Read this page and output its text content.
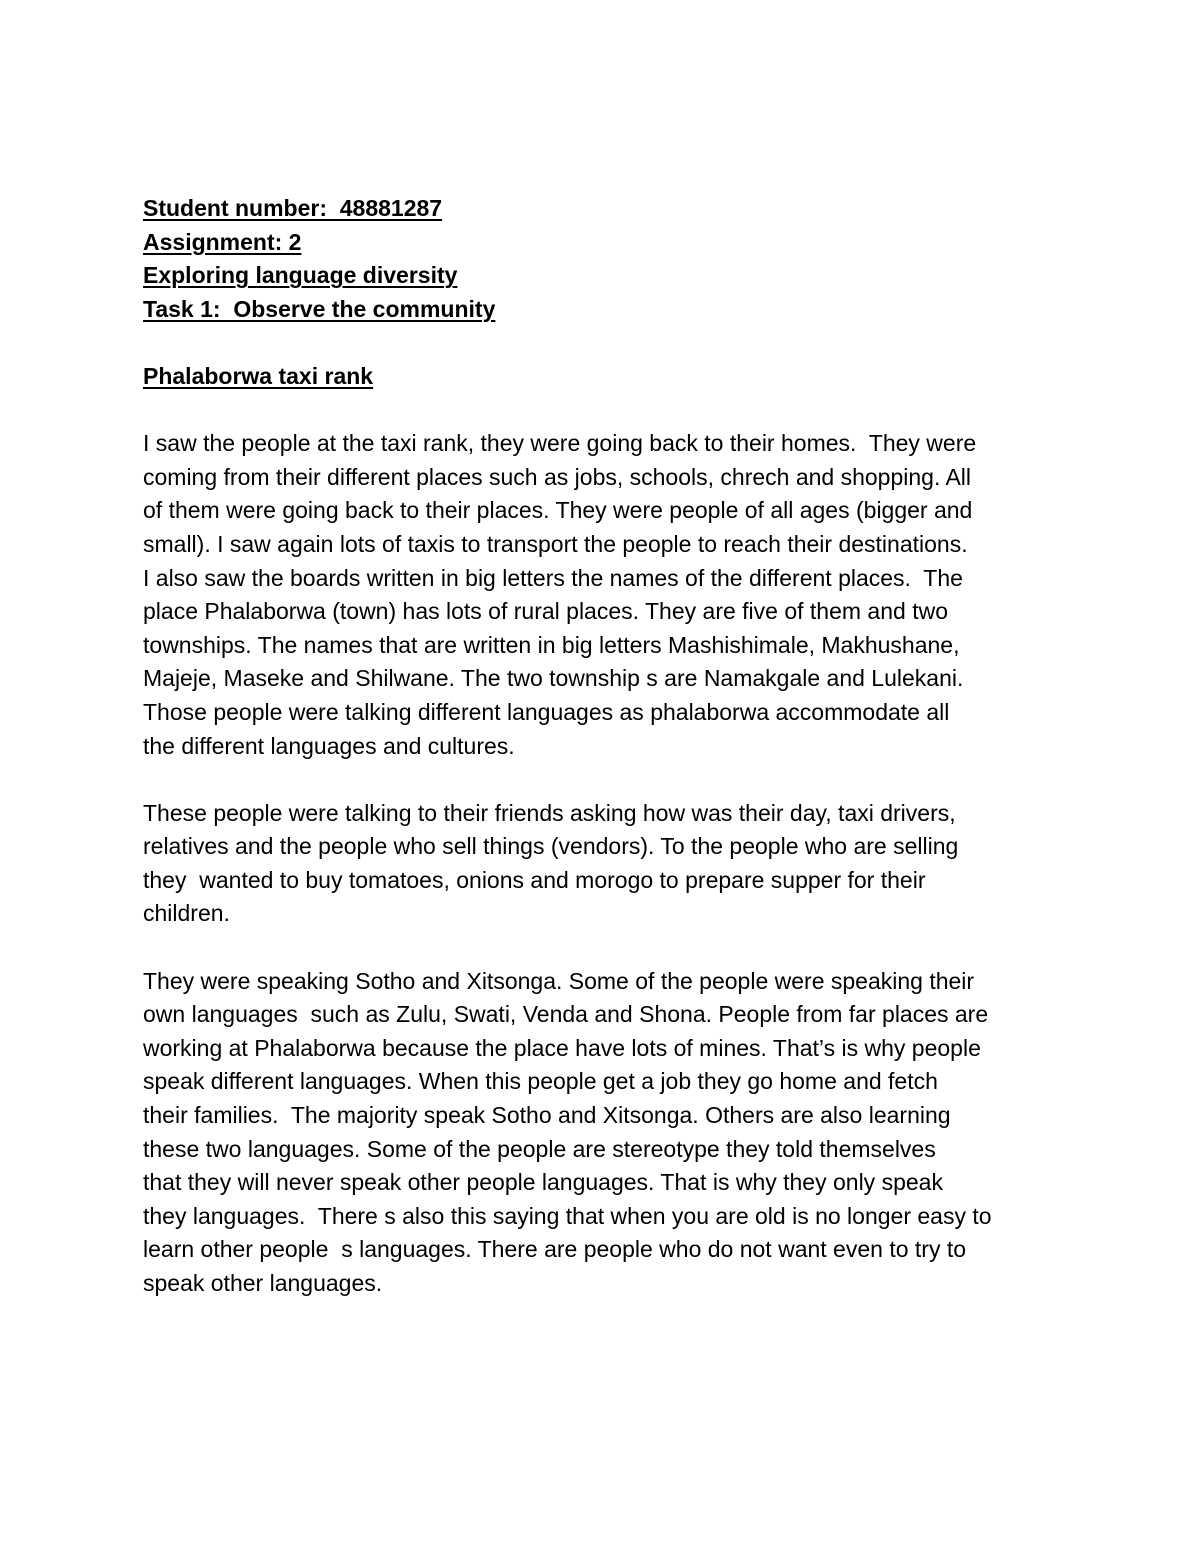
Student number:  48881287

Assignment: 2

Exploring language diversity

Task 1:  Observe the community

Phalaborwa taxi rank

I saw the people at the taxi rank, they were going back to their homes.  They were

coming from their different places such as jobs, schools, chrech and shopping. All

of them were going back to their places. They were people of all ages (bigger and

small). I saw again lots of taxis to transport the people to reach their destinations.

I also saw the boards written in big letters the names of the different places.  The

place Phalaborwa (town) has lots of rural places. They are five of them and two

townships. The names that are written in big letters Mashishimale, Makhushane,

Majeje, Maseke and Shilwane. The two township s are Namakgale and Lulekani.

Those people were talking different languages as phalaborwa accommodate all

the different languages and cultures.

These people were talking to their friends asking how was their day, taxi drivers,

relatives and the people who sell things (vendors). To the people who are selling

they  wanted to buy tomatoes, onions and morogo to prepare supper for their

children.

They were speaking Sotho and Xitsonga. Some of the people were speaking their

own languages  such as Zulu, Swati, Venda and Shona. People from far places are

working at Phalaborwa because the place have lots of mines. That’s is why people

speak different languages. When this people get a job they go home and fetch

their families.  The majority speak Sotho and Xitsonga. Others are also learning

these two languages. Some of the people are stereotype they told themselves

that they will never speak other people languages. That is why they only speak

they languages.  There s also this saying that when you are old is no longer easy to

learn other people  s languages. There are people who do not want even to try to

speak other languages.
